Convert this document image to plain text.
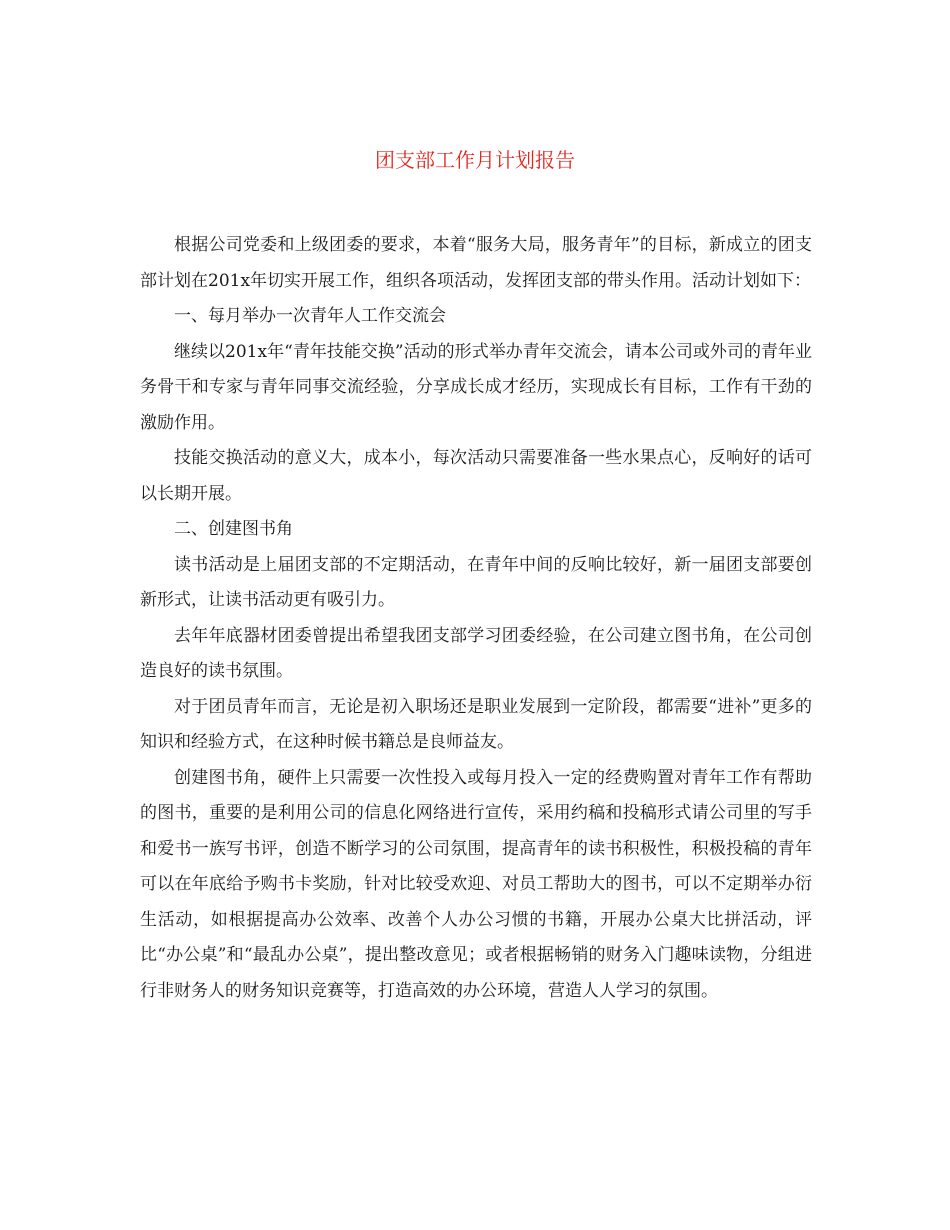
团支部工作月计划报告

根据公司党委和上级团委的要求，本着“服务大局，服务青年”的目标，新成立的团支部计划在201x年切实开展工作，组织各项活动，发挥团支部的带头作用。活动计划如下：

一、每月举办一次青年人工作交流会

继续以201x年“青年技能交换”活动的形式举办青年交流会，请本公司或外司的青年业务骨干和专家与青年同事交流经验，分享成长成才经历，实现成长有目标，工作有干劲的激励作用。

技能交换活动的意义大，成本小，每次活动只需要准备一些水果点心，反响好的话可以长期开展。

二、创建图书角

读书活动是上届团支部的不定期活动，在青年中间的反响比较好，新一届团支部要创新形式，让读书活动更有吸引力。

去年年底器材团委曾提出希望我团支部学习团委经验，在公司建立图书角，在公司创造良好的读书氛围。

对于团员青年而言，无论是初入职场还是职业发展到一定阶段，都需要“进补”更多的知识和经验方式，在这种时候书籍总是良师益友。

创建图书角，硬件上只需要一次性投入或每月投入一定的经费购置对青年工作有帮助的图书，重要的是利用公司的信息化网络进行宣传，采用约稿和投稿形式请公司里的写手和爱书一族写书评，创造不断学习的公司氛围，提高青年的读书积极性，积极投稿的青年可以在年底给予购书卡奖励，针对比较受欢迎、对员工帮助大的图书，可以不定期举办衍生活动，如根据提高办公效率、改善个人办公习惯的书籍，开展办公桌大比拼活动，评比“办公桌”和“最乱办公桌”，提出整改意见；或者根据畅销的财务入门趣味读物，分组进行非财务人的财务知识竞赛等，打造高效的办公环境，营造人人学习的氛围。
